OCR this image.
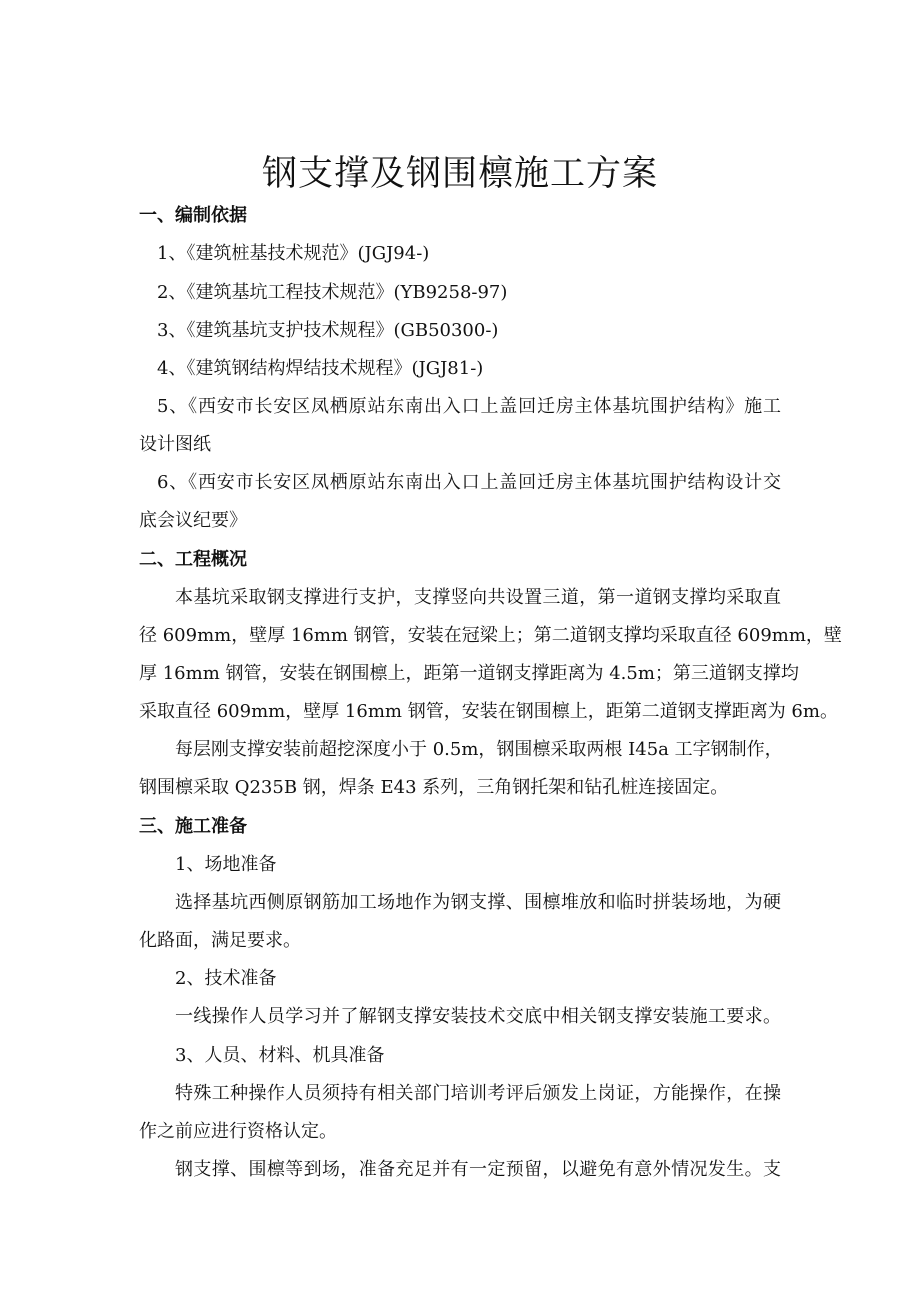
钢支撑及钢围檩施工方案
一、编制依据
1、《建筑桩基技术规范》(JGJ94-)
2、《建筑基坑工程技术规范》(YB9258-97)
3、《建筑基坑支护技术规程》(GB50300-)
4、《建筑钢结构焊结技术规程》(JGJ81-)
5、《西安市长安区凤栖原站东南出入口上盖回迁房主体基坑围护结构》施工
设计图纸
6、《西安市长安区凤栖原站东南出入口上盖回迁房主体基坑围护结构设计交
底会议纪要》
二、工程概况
本基坑采取钢支撑进行支护，支撑竖向共设置三道，第一道钢支撑均采取直
径 609mm，壁厚 16mm 钢管，安装在冠梁上；第二道钢支撑均采取直径 609mm，壁
厚 16mm 钢管，安装在钢围檩上，距第一道钢支撑距离为 4.5m；第三道钢支撑均
采取直径 609mm，壁厚 16mm 钢管，安装在钢围檩上，距第二道钢支撑距离为 6m。
每层刚支撑安装前超挖深度小于 0.5m，钢围檩采取两根 I45a 工字钢制作，
钢围檩采取 Q235B 钢，焊条 E43 系列，三角钢托架和钻孔桩连接固定。
三、施工准备
1、场地准备
选择基坑西侧原钢筋加工场地作为钢支撑、围檩堆放和临时拼装场地，为硬
化路面，满足要求。
2、技术准备
一线操作人员学习并了解钢支撑安装技术交底中相关钢支撑安装施工要求。
3、人员、材料、机具准备
特殊工种操作人员须持有相关部门培训考评后颁发上岗证，方能操作，在操
作之前应进行资格认定。
钢支撑、围檩等到场，准备充足并有一定预留，以避免有意外情况发生。支
